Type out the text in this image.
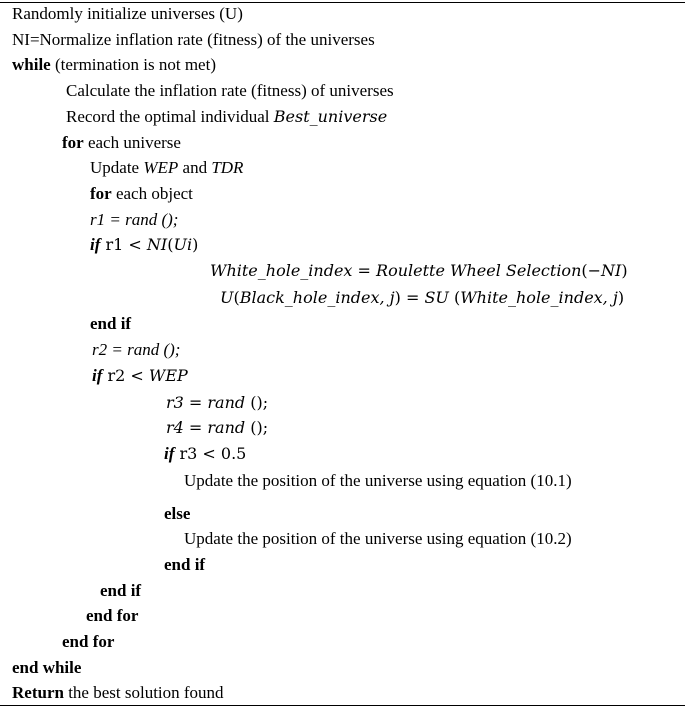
Randomly initialize universes (U)
NI=Normalize inflation rate (fitness) of the universes
while (termination is not met)
Calculate the inflation rate (fitness) of universes
Record the optimal individual Best_universe
for each universe
Update WEP and TDR
for each object
r1 = rand ();
if r1 < NI(Ui)
White_hole_index = Roulette Wheel Selection(−NI)
U(Black_hole_index, j) = SU (White_hole_index, j)
end if
r2 = rand ();
if r2 < WEP
r3 = rand ();
r4 = rand ();
if r3 < 0.5
Update the position of the universe using equation (10.1)
else
Update the position of the universe using equation (10.2)
end if
end if
end for
end for
end while
Return the best solution found
